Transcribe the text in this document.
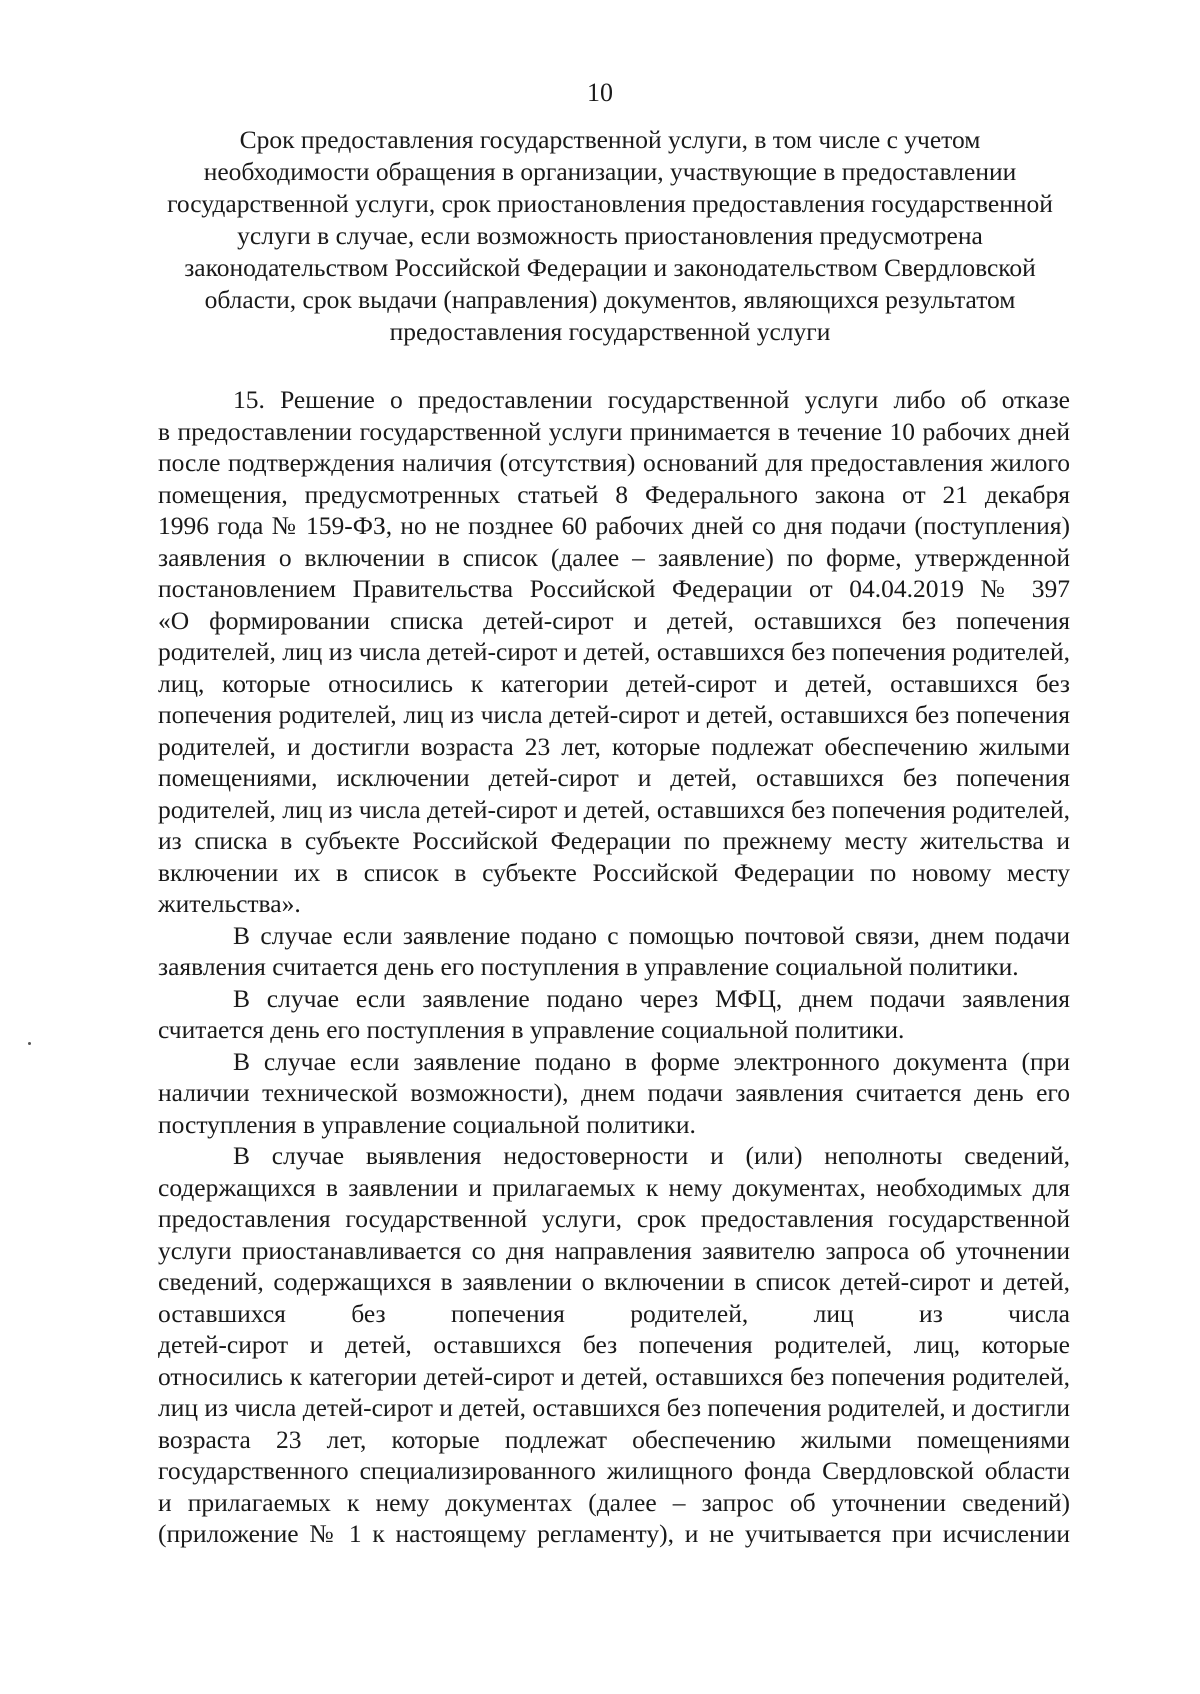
10
Срок предоставления государственной услуги, в том числе с учетом
необходимости обращения в организации, участвующие в предоставлении
государственной услуги, срок приостановления предоставления государственной
услуги в случае, если возможность приостановления предусмотрена
законодательством Российской Федерации и законодательством Свердловской
области, срок выдачи (направления) документов, являющихся результатом
предоставления государственной услуги
15. Решение о предоставлении государственной услуги либо об отказе
в предоставлении государственной услуги принимается в течение 10 рабочих дней
после подтверждения наличия (отсутствия) оснований для предоставления жилого
помещения, предусмотренных статьей 8 Федерального закона от 21 декабря
1996 года № 159-ФЗ, но не позднее 60 рабочих дней со дня подачи (поступления)
заявления о включении в список (далее – заявление) по форме, утвержденной
постановлением Правительства Российской Федерации от 04.04.2019 № 397
«О формировании списка детей-сирот и детей, оставшихся без попечения
родителей, лиц из числа детей-сирот и детей, оставшихся без попечения родителей,
лиц, которые относились к категории детей-сирот и детей, оставшихся без
попечения родителей, лиц из числа детей-сирот и детей, оставшихся без попечения
родителей, и достигли возраста 23 лет, которые подлежат обеспечению жилыми
помещениями, исключении детей-сирот и детей, оставшихся без попечения
родителей, лиц из числа детей-сирот и детей, оставшихся без попечения родителей,
из списка в субъекте Российской Федерации по прежнему месту жительства и
включении их в список в субъекте Российской Федерации по новому месту
жительства».
В случае если заявление подано с помощью почтовой связи, днем подачи
заявления считается день его поступления в управление социальной политики.
В случае если заявление подано через МФЦ, днем подачи заявления
считается день его поступления в управление социальной политики.
В случае если заявление подано в форме электронного документа (при
наличии технической возможности), днем подачи заявления считается день его
поступления в управление социальной политики.
В случае выявления недостоверности и (или) неполноты сведений,
содержащихся в заявлении и прилагаемых к нему документах, необходимых для
предоставления государственной услуги, срок предоставления государственной
услуги приостанавливается со дня направления заявителю запроса об уточнении
сведений, содержащихся в заявлении о включении в список детей-сирот и детей,
оставшихся без попечения родителей, лиц из числа
детей-сирот и детей, оставшихся без попечения родителей, лиц, которые
относились к категории детей-сирот и детей, оставшихся без попечения родителей,
лиц из числа детей-сирот и детей, оставшихся без попечения родителей, и достигли
возраста 23 лет, которые подлежат обеспечению жилыми помещениями
государственного специализированного жилищного фонда Свердловской области
и прилагаемых к нему документах (далее – запрос об уточнении сведений)
(приложение № 1 к настоящему регламенту), и не учитывается при исчислении
